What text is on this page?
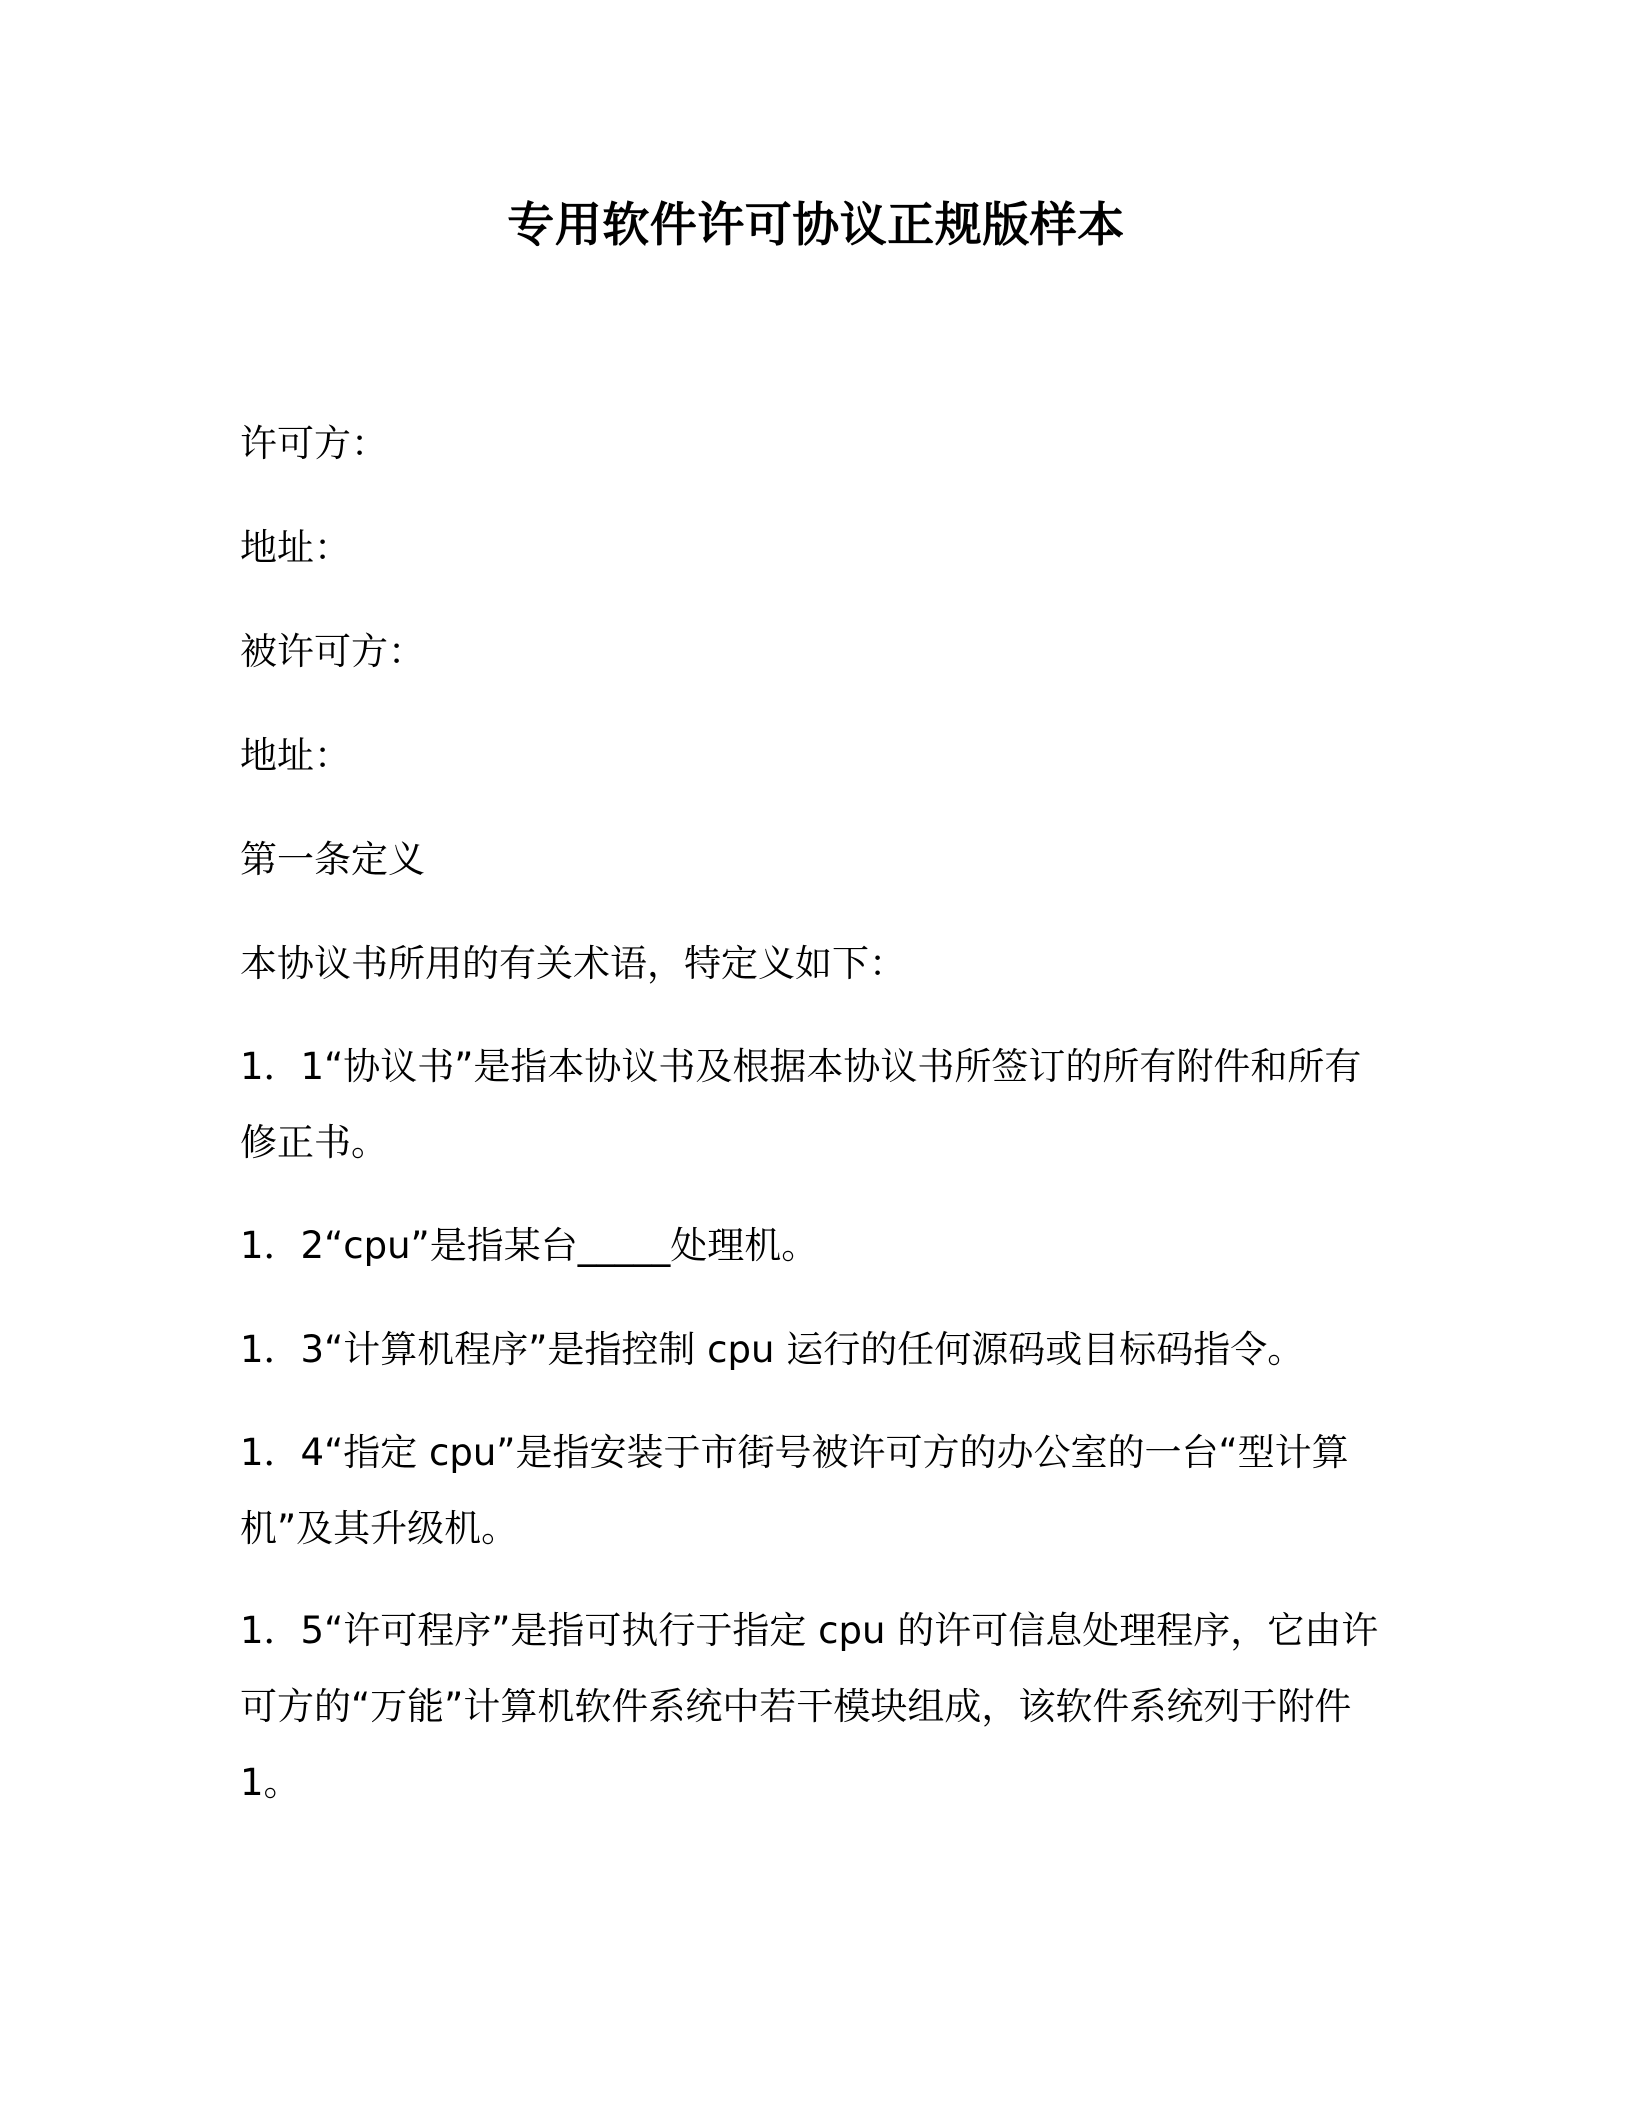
专用软件许可协议正规版样本

许可方：

地址：

被许可方：

地址：

第一条定义

本协议书所用的有关术语，特定义如下：

1．1“协议书”是指本协议书及根据本协议书所签订的所有附件和所有修正书。

1．2“cpu”是指某台_____处理机。

1．3“计算机程序”是指控制 cpu 运行的任何源码或目标码指令。

1．4“指定 cpu”是指安装于市街号被许可方的办公室的一台“型计算机”及其升级机。

1．5“许可程序”是指可执行于指定 cpu 的许可信息处理程序，它由许可方的“万能”计算机软件系统中若干模块组成，该软件系统列于附件 1。
